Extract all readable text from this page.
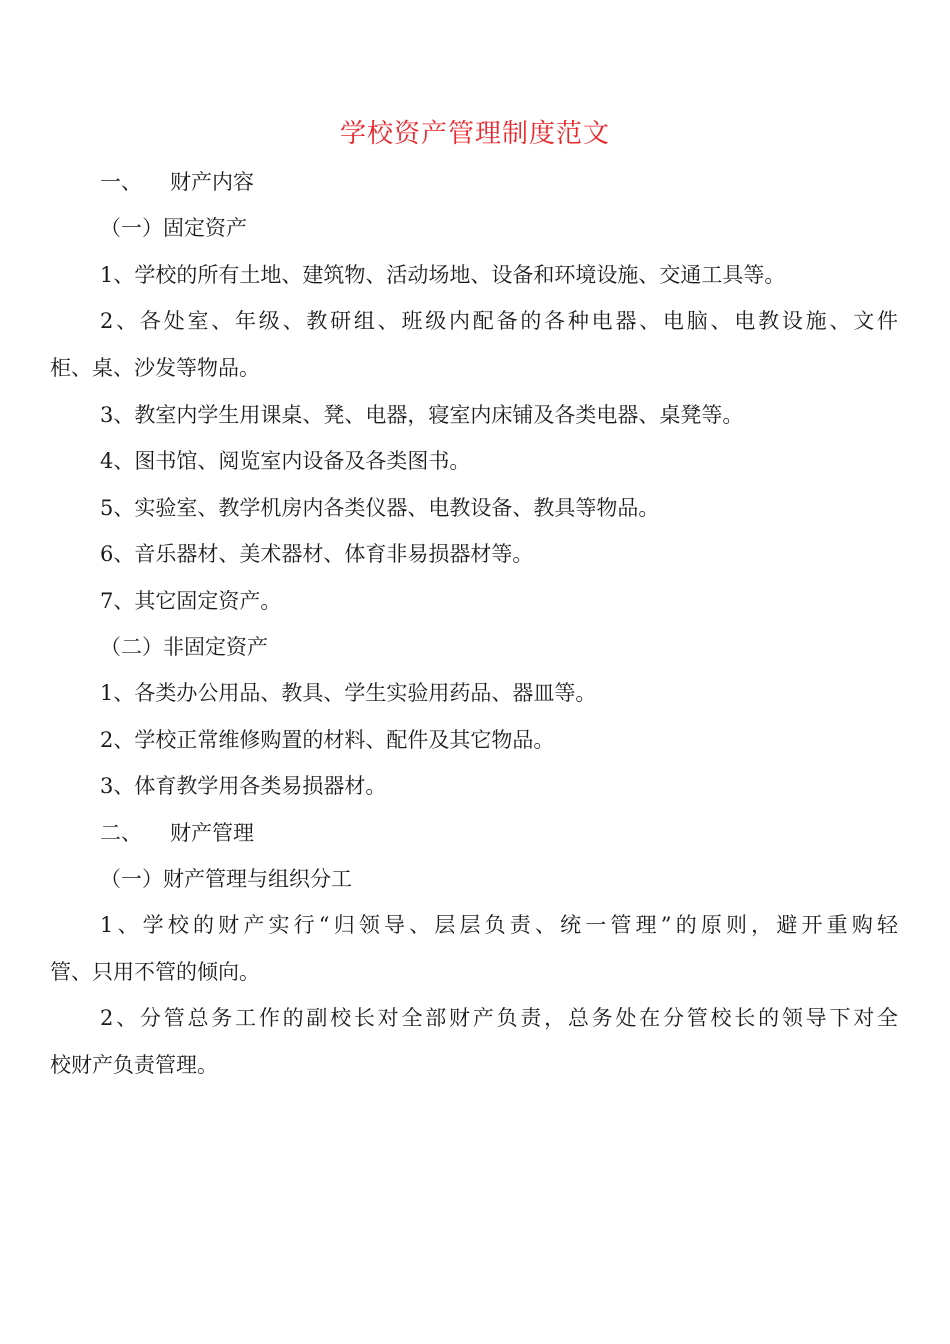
学校资产管理制度范文
一、 财产内容
（一）固定资产
1、学校的所有土地、建筑物、活动场地、设备和环境设施、交通工具等。
2、各处室、年级、教研组、班级内配备的各种电器、电脑、电教设施、文件
柜、桌、沙发等物品。
3、教室内学生用课桌、凳、电器，寝室内床铺及各类电器、桌凳等。
4、图书馆、阅览室内设备及各类图书。
5、实验室、教学机房内各类仪器、电教设备、教具等物品。
6、音乐器材、美术器材、体育非易损器材等。
7、其它固定资产。
（二）非固定资产
1、各类办公用品、教具、学生实验用药品、器皿等。
2、学校正常维修购置的材料、配件及其它物品。
3、体育教学用各类易损器材。
二、 财产管理
（一）财产管理与组织分工
1、学校的财产实行“归领导、层层负责、统一管理”的原则，避开重购轻
管、只用不管的倾向。
2、分管总务工作的副校长对全部财产负责，总务处在分管校长的领导下对全
校财产负责管理。
